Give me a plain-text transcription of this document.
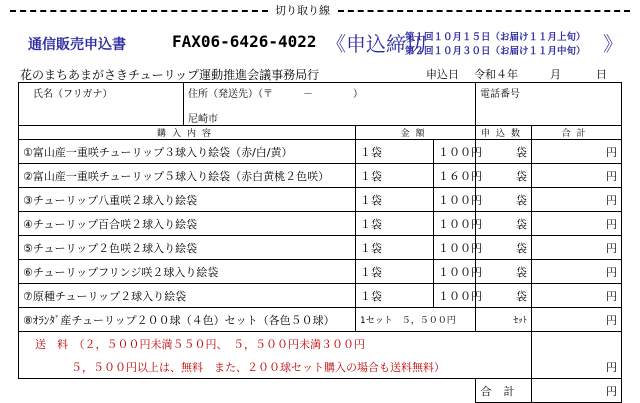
切り取り線
通信販売申込書	FAX06-6426-4022 《申込締切
第１回１０月１５日（お届け１１月上旬）
第２回１０月３０日（お届け１１月中旬） 》
花のまちあまがさきチューリップ運動推進会議事務局行	申込日 令和４年	月	日
氏名（フリガナ）	住所（発送先）（〒　　　－　　　　）
尼崎市			電話番号	
購入内容		金額		申込数	合計
①富山産一重咲チューリップ３球入り絵袋（赤/白/黄）		１袋	１００円	袋	円
②富山産一重咲チューリップ５球入り絵袋（赤白黄桃２色咲）		１袋	１６０円	袋	円
③チューリップ八重咲２球入り絵袋		１袋	１００円	袋	円
④チューリップ百合咲２球入り絵袋		１袋	１００円	袋	円
⑤チューリップ２色咲２球入り絵袋		１袋	１００円	袋	円
⑥チューリップフリンジ咲２球入り絵袋		１袋	１００円	袋	円
⑦原種チューリップ２球入り絵袋		１袋	１００円	袋	円
⑧ｵﾗﾝﾀﾞ産チューリップ２００球（４色）セット（各色５０球）		1セット　５，５００円		ｾｯﾄ	円
送　料　（２，５００円未満５５０円、　５，５００円未満３００円					
５，５００円以上は、無料　また、２００球セット購入の場合も送料無料）					円
				合計	円
